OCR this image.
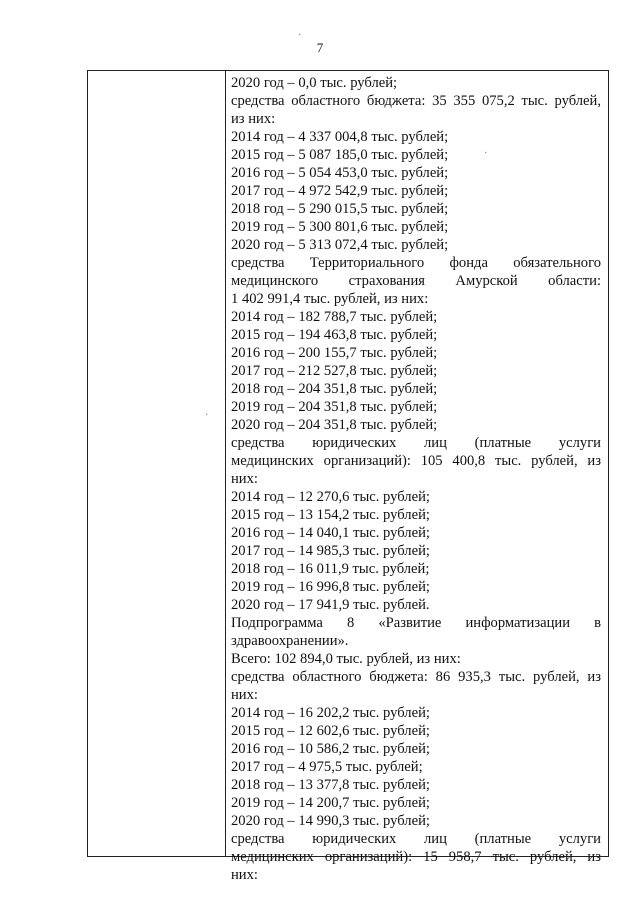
7
2020 год – 0,0 тыс. рублей;
средства областного бюджета: 35 355 075,2 тыс. рублей,
из них:
2014 год – 4 337 004,8 тыс. рублей;
2015 год – 5 087 185,0 тыс. рублей;
2016 год – 5 054 453,0 тыс. рублей;
2017 год – 4 972 542,9 тыс. рублей;
2018 год – 5 290 015,5 тыс. рублей;
2019 год – 5 300 801,6 тыс. рублей;
2020 год – 5 313 072,4 тыс. рублей;
средства Территориального фонда обязательного
медицинского страхования Амурской области:
1 402 991,4 тыс. рублей, из них:
2014 год – 182 788,7 тыс. рублей;
2015 год – 194 463,8 тыс. рублей;
2016 год – 200 155,7 тыс. рублей;
2017 год – 212 527,8 тыс. рублей;
2018 год – 204 351,8 тыс. рублей;
2019 год – 204 351,8 тыс. рублей;
2020 год – 204 351,8 тыс. рублей;
средства юридических лиц (платные услуги
медицинских организаций): 105 400,8 тыс. рублей, из
них:
2014 год – 12 270,6 тыс. рублей;
2015 год – 13 154,2 тыс. рублей;
2016 год – 14 040,1 тыс. рублей;
2017 год – 14 985,3 тыс. рублей;
2018 год – 16 011,9 тыс. рублей;
2019 год – 16 996,8 тыс. рублей;
2020 год – 17 941,9 тыс. рублей.
Подпрограмма 8 «Развитие информатизации в
здравоохранении».
Всего: 102 894,0 тыс. рублей, из них:
средства областного бюджета: 86 935,3 тыс. рублей, из
них:
2014 год – 16 202,2 тыс. рублей;
2015 год – 12 602,6 тыс. рублей;
2016 год – 10 586,2 тыс. рублей;
2017 год – 4 975,5 тыс. рублей;
2018 год – 13 377,8 тыс. рублей;
2019 год – 14 200,7 тыс. рублей;
2020 год – 14 990,3 тыс. рублей;
средства юридических лиц (платные услуги
медицинских организаций): 15 958,7 тыс. рублей, из
них:
·
·
·
